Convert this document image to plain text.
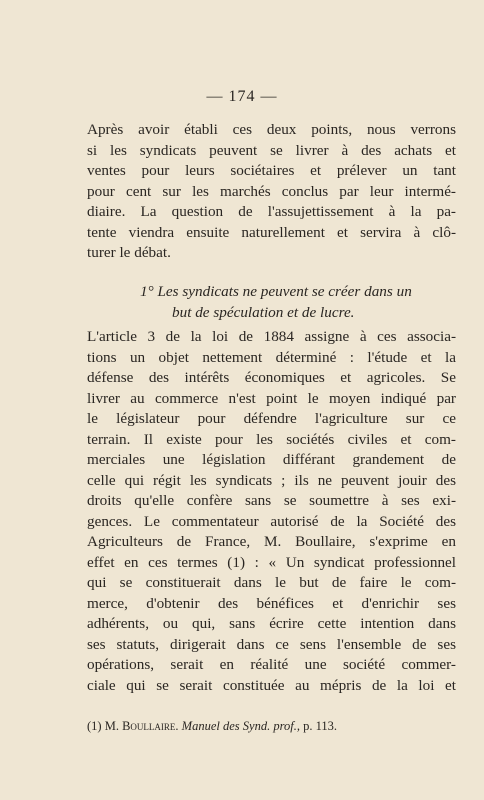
— 174 —

Après avoir établi ces deux points, nous verrons
si les syndicats peuvent se livrer à des achats et
ventes pour leurs sociétaires et prélever un tant
pour cent sur les marchés conclus par leur intermé-
diaire. La question de l'assujettissement à la pa-
tente viendra ensuite naturellement et servira à clô-
turer le débat.

1° Les syndicats ne peuvent se créer dans un
but de spéculation et de lucre.

L'article 3 de la loi de 1884 assigne à ces associa-
tions un objet nettement déterminé : l'étude et la
défense des intérêts économiques et agricoles. Se
livrer au commerce n'est point le moyen indiqué par
le législateur pour défendre l'agriculture sur ce
terrain. Il existe pour les sociétés civiles et com-
merciales une législation différant grandement de
celle qui régit les syndicats ; ils ne peuvent jouir des
droits qu'elle confère sans se soumettre à ses exi-
gences. Le commentateur autorisé de la Société des
Agriculteurs de France, M. Boullaire, s'exprime en
effet en ces termes (1) : « Un syndicat professionnel
qui se constituerait dans le but de faire le com-
merce, d'obtenir des bénéfices et d'enrichir ses
adhérents, ou qui, sans écrire cette intention dans
ses statuts, dirigerait dans ce sens l'ensemble de ses
opérations, serait en réalité une société commer-
ciale qui se serait constituée au mépris de la loi et

(1) M. Boullaire. Manuel des Synd. prof., p. 113.
